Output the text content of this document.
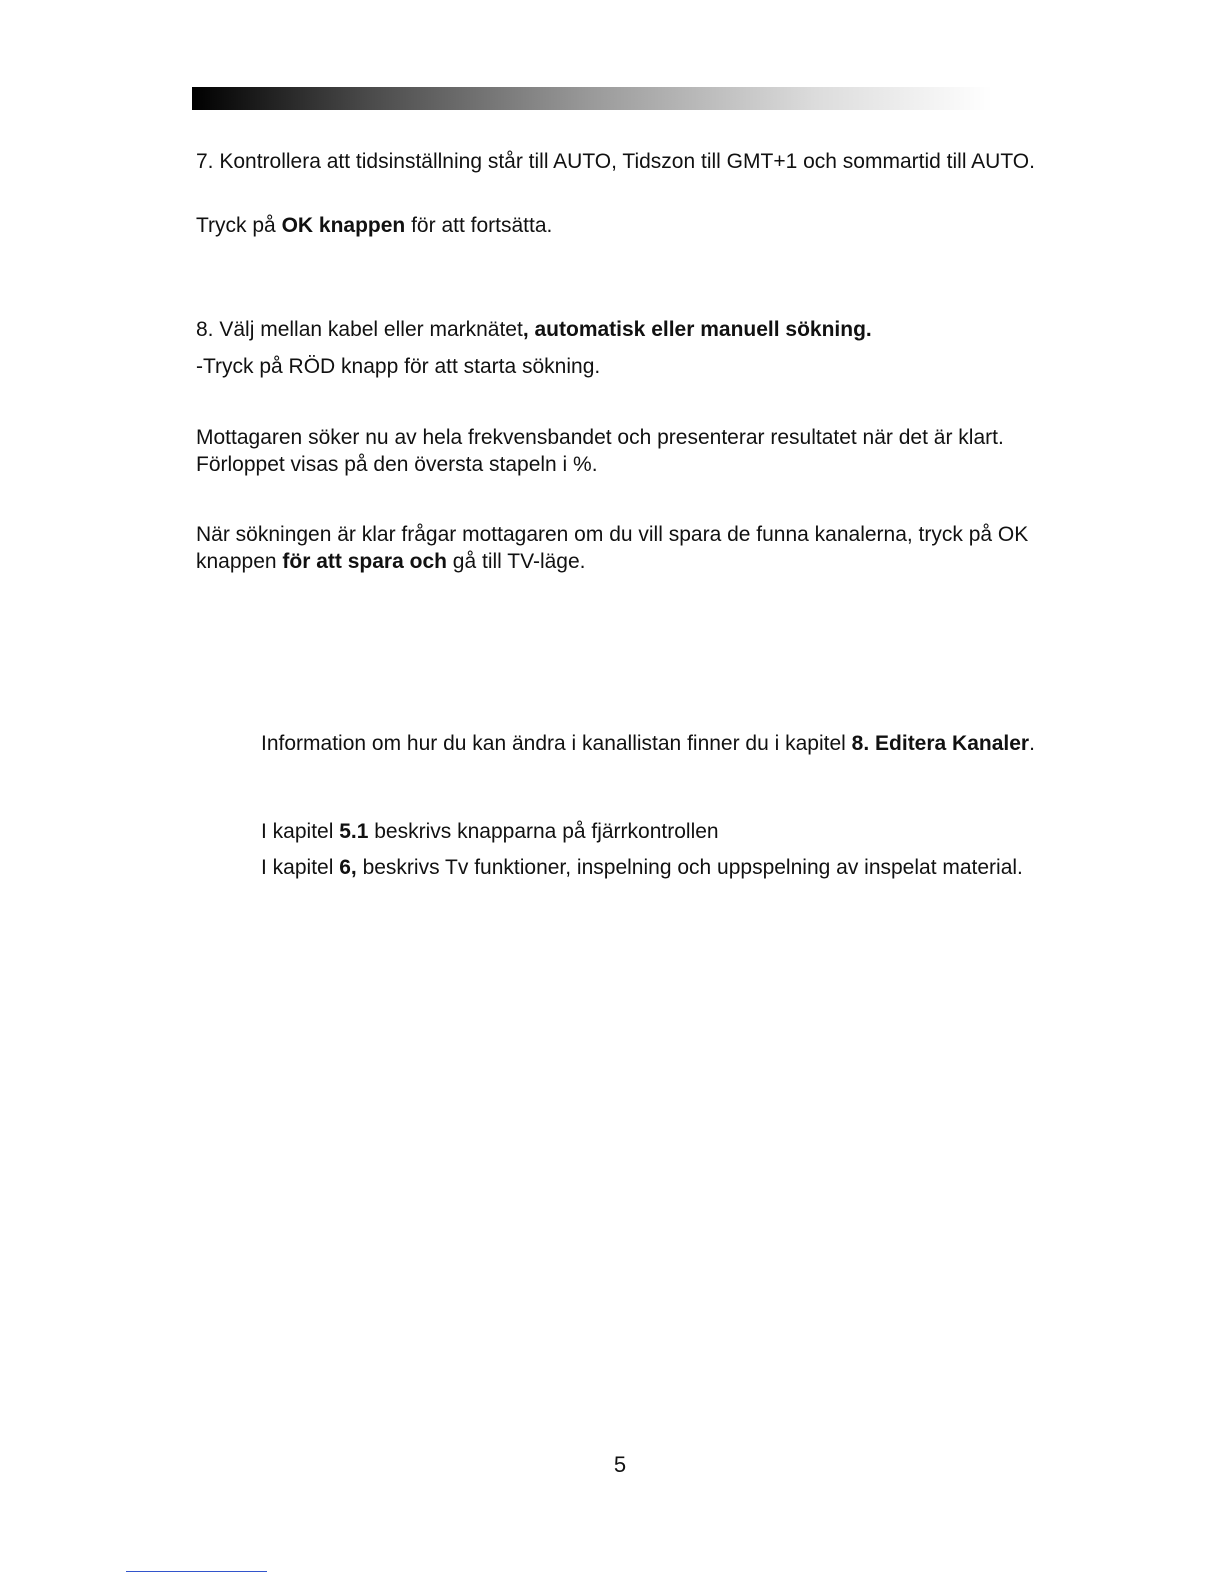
7. Kontrollera att tidsinställning står till AUTO, Tidszon till GMT+1 och sommartid till AUTO.

Tryck på OK knappen för att fortsätta.

8. Välj mellan kabel eller marknätet, automatisk eller manuell sökning.

-Tryck på RÖD knapp för att starta sökning.

Mottagaren söker nu av hela frekvensbandet och presenterar resultatet när det är klart. Förloppet visas på den översta stapeln i %.

När sökningen är klar frågar mottagaren om du vill spara de funna kanalerna, tryck på OK knappen för att spara och gå till TV-läge.

Information om hur du kan ändra i kanallistan finner du i kapitel 8. Editera Kanaler.

I kapitel 5.1 beskrivs knapparna på fjärrkontrollen

I kapitel 6, beskrivs Tv funktioner, inspelning och uppspelning av inspelat material.

5
